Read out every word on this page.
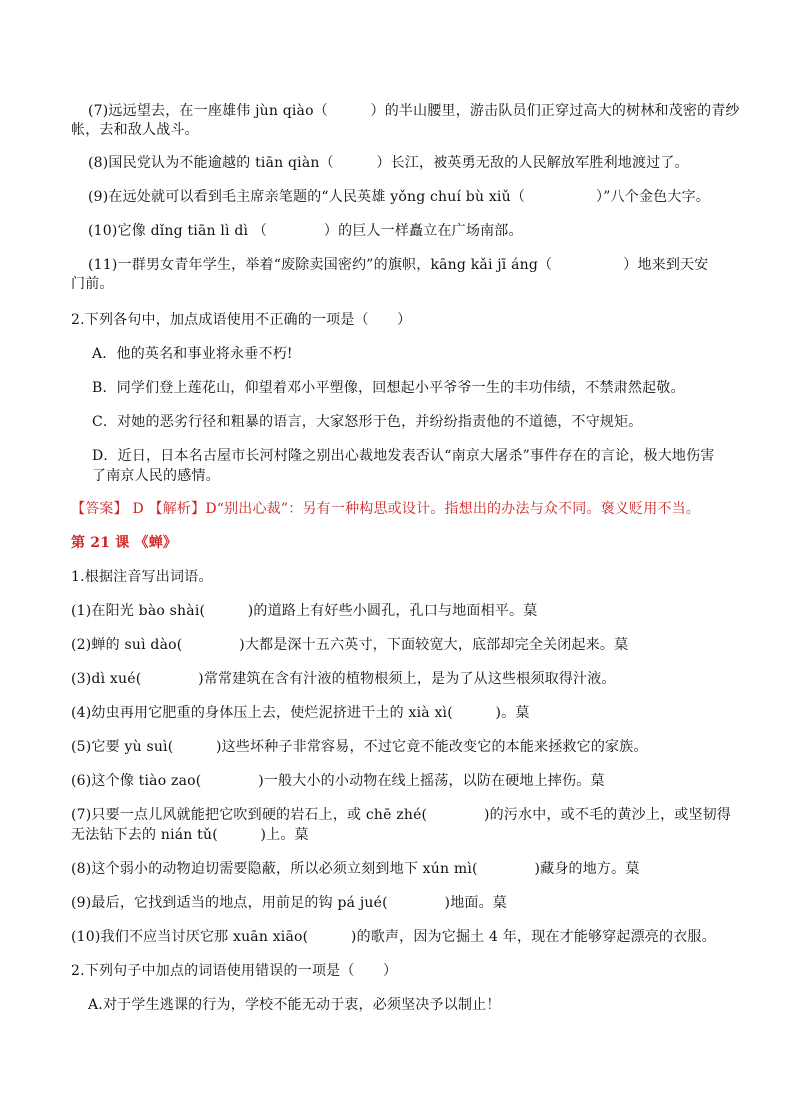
(7)远远望去，在一座雄伟 jùn qiào（　　　）的半山腰里，游击队员们正穿过高大的树林和茂密的青纱
帐，去和敌人战斗。
(8)国民党认为不能逾越的 tiān qiàn（　　　）长江，被英勇无敌的人民解放军胜利地渡过了。
(9)在远处就可以看到毛主席亲笔题的“人民英雄 yǒng chuí bù xiǔ（　　　　　）”八个金色大字。
(10)它像 dǐng tiān lì dì （　　　　）的巨人一样矗立在广场南部。
(11)一群男女青年学生，举着“废除卖国密约”的旗帜，kāng kǎi jī áng（　　　　　）地来到天安
门前。
2.下列各句中，加点成语使用不正确的一项是（　　）
A．他的英名和事业将永垂不朽!
B．同学们登上莲花山，仰望着邓小平塑像，回想起小平爷爷一生的丰功伟绩，不禁肃然起敬。
C．对她的恶劣行径和粗暴的语言，大家怒形于色，并纷纷指责他的不道德，不守规矩。
D．近日，日本名古屋市长河村隆之别出心裁地发表否认“南京大屠杀”事件存在的言论，极大地伤害
了南京人民的感情。
【答案】 D 【解析】D“别出心裁”：另有一种构思或设计。指想出的办法与众不同。褒义贬用不当。
第 21 课 《蝉》
1.根据注音写出词语。
(1)在阳光 bào shài(　　　)的道路上有好些小圆孔，孔口与地面相平。菒
(2)蝉的 suì dào(　　　　)大都是深十五六英寸，下面较宽大，底部却完全关闭起来。菒
(3)dì xué(　　　　)常常建筑在含有汁液的植物根须上，是为了从这些根须取得汁液。
(4)幼虫再用它肥重的身体压上去，使烂泥挤进干土的 xià xì(　　　)。菒
(5)它要 yù suì(　　　)这些坏种子非常容易，不过它竟不能改变它的本能来拯救它的家族。
(6)这个像 tiào zao(　　　　)一般大小的小动物在线上摇荡，以防在硬地上摔伤。菒
(7)只要一点儿风就能把它吹到硬的岩石上，或 chē zhé(　　　　)的污水中，或不毛的黄沙上，或坚韧得
无法钻下去的 nián tǔ(　　　)上。菒
(8)这个弱小的动物迫切需要隐蔽，所以必须立刻到地下 xún mì(　　　　)藏身的地方。菒
(9)最后，它找到适当的地点，用前足的钩 pá jué(　　　　)地面。菒
(10)我们不应当讨厌它那 xuān xiāo(　　　)的歌声，因为它掘土 4 年，现在才能够穿起漂亮的衣服。
2.下列句子中加点的词语使用错误的一项是（　　）
A.对于学生逃课的行为，学校不能无动于衷，必须坚决予以制止！
